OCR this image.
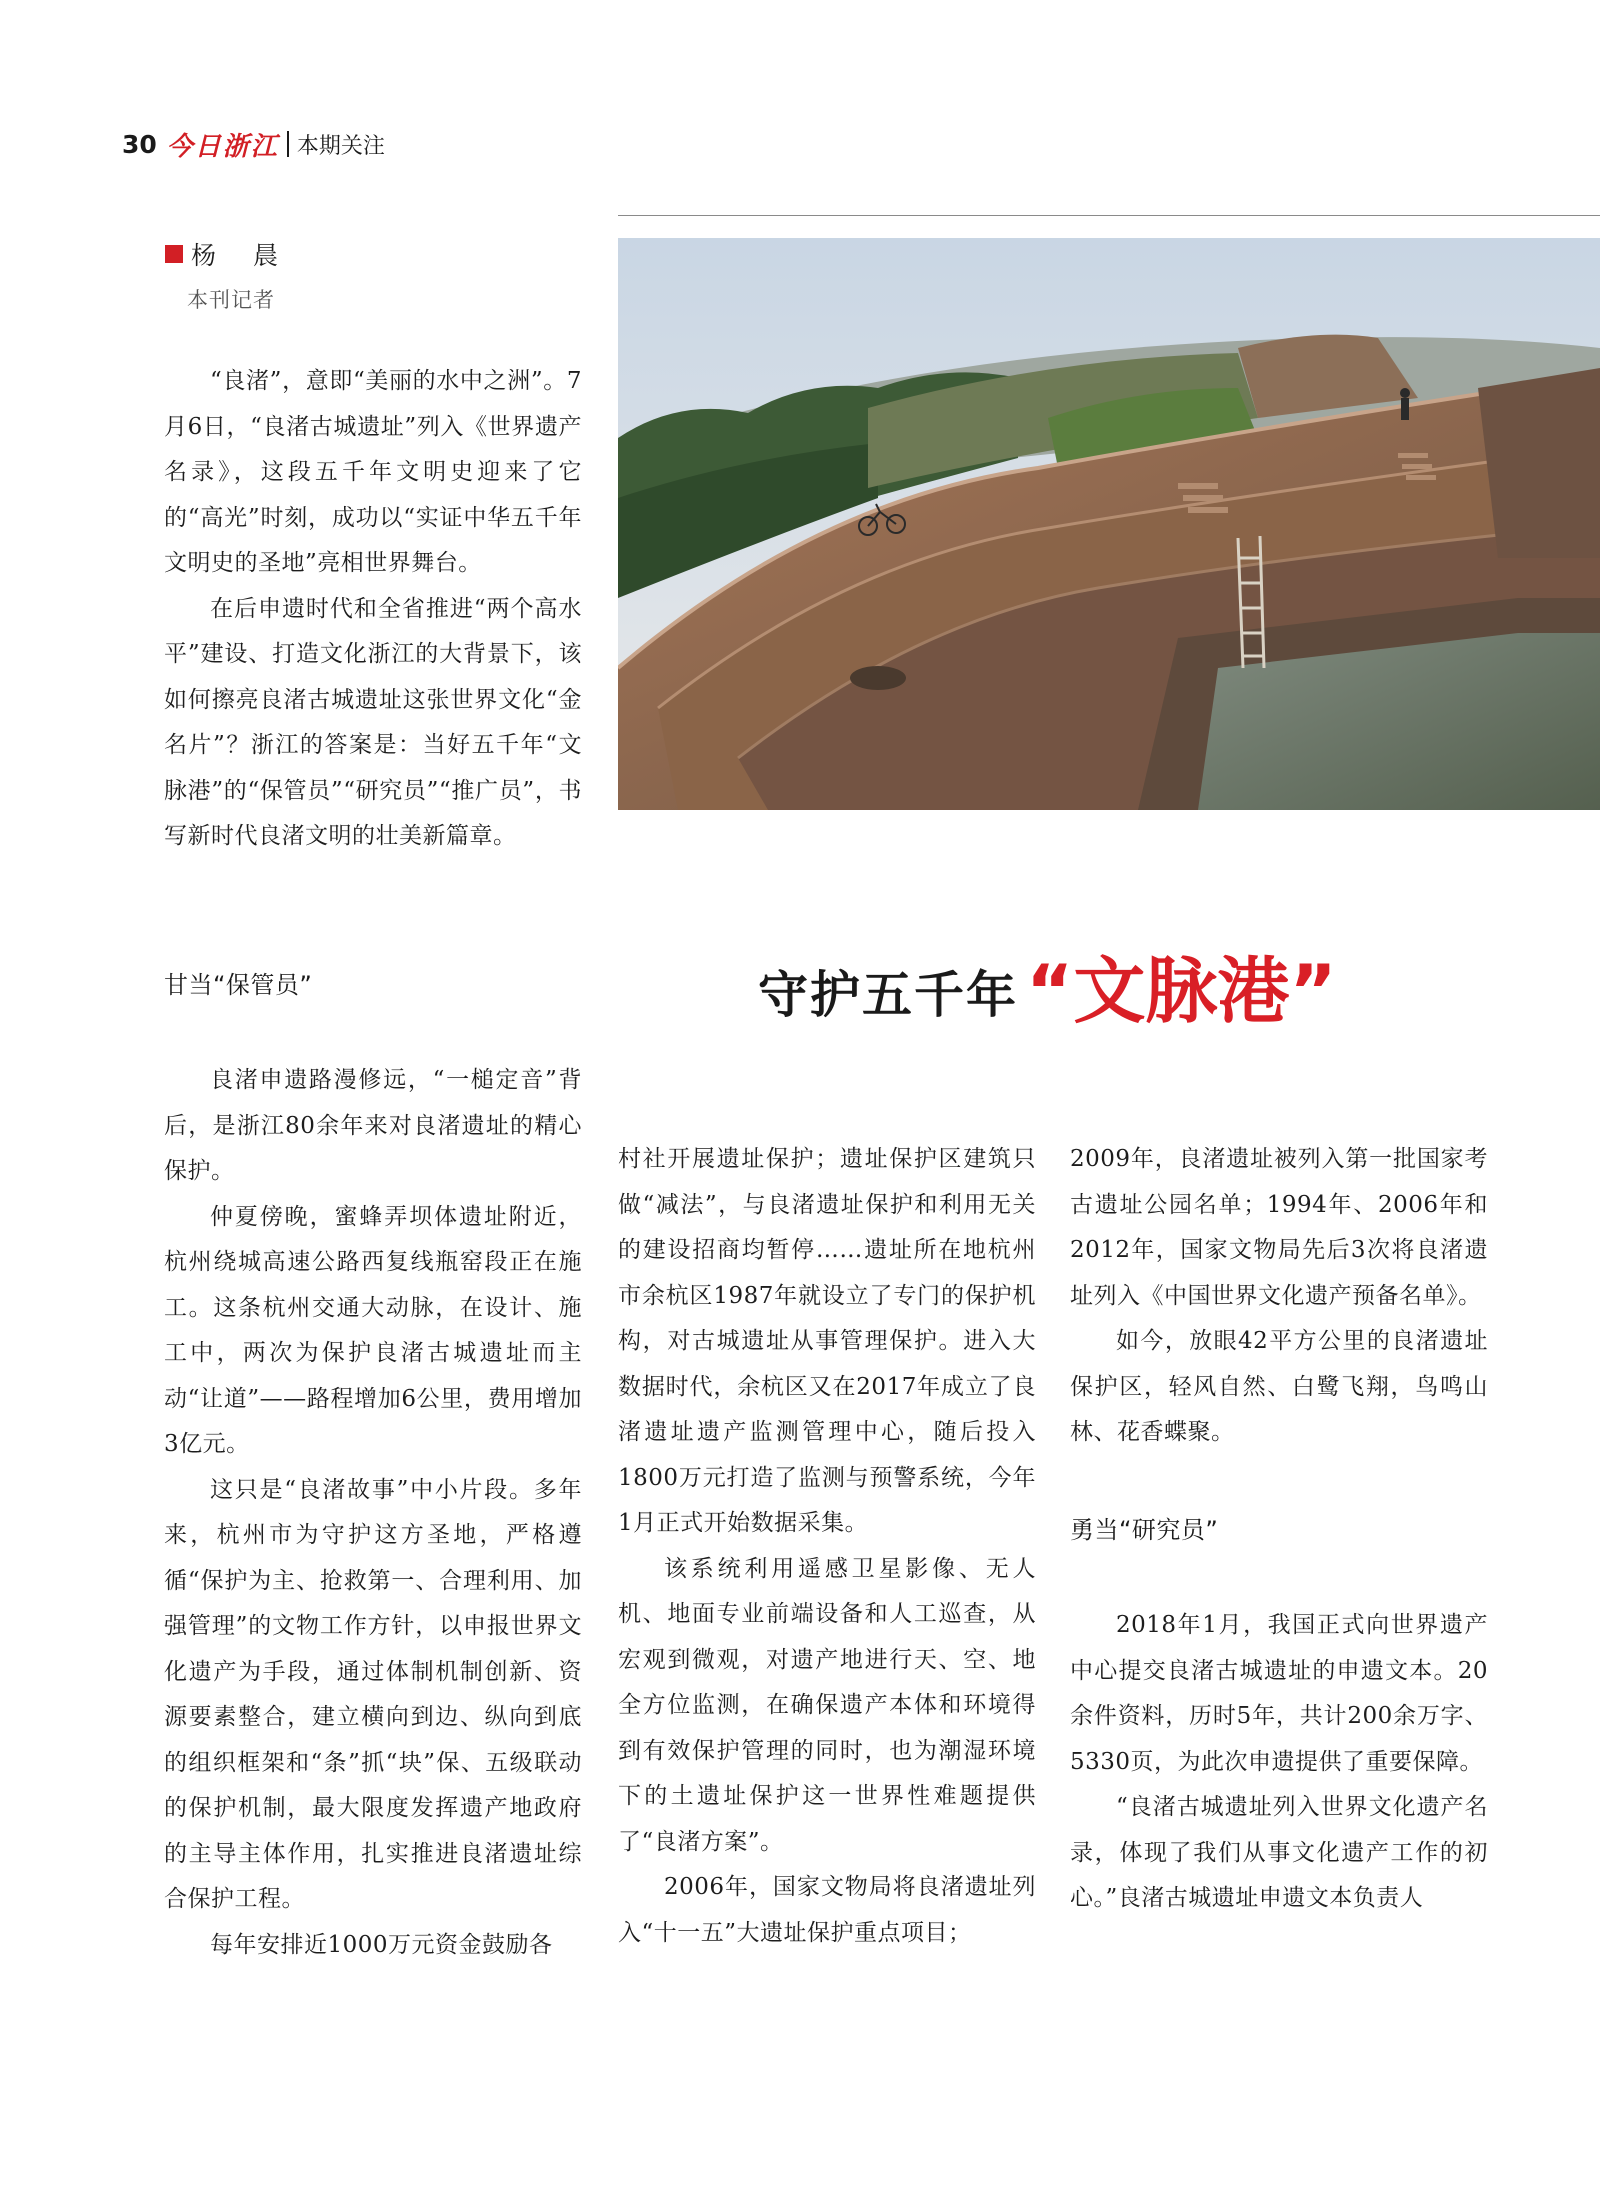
30 今日浙江 本期关注
杨　晨
本刊记者
守护五千年 “文脉港”

“良渚”，意即“美丽的水中之洲”。7月6日，“良渚古城遗址”列入《世界遗产名录》，这段五千年文明史迎来了它的“高光”时刻，成功以“实证中华五千年文明史的圣地”亮相世界舞台。

在后申遗时代和全省推进“两个高水平”建设、打造文化浙江的大背景下，该如何擦亮良渚古城遗址这张世界文化“金名片”？浙江的答案是：当好五千年“文脉港”的“保管员”“研究员”“推广员”，书写新时代良渚文明的壮美新篇章。

甘当“保管员”

良渚申遗路漫修远，“一槌定音”背后，是浙江80余年来对良渚遗址的精心保护。

仲夏傍晚，蜜蜂弄坝体遗址附近，杭州绕城高速公路西复线瓶窑段正在施工。这条杭州交通大动脉，在设计、施工中，两次为保护良渚古城遗址而主动“让道”——路程增加6公里，费用增加3亿元。

这只是“良渚故事”中小片段。多年来，杭州市为守护这方圣地，严格遵循“保护为主、抢救第一、合理利用、加强管理”的文物工作方针，以申报世界文化遗产为手段，通过体制机制创新、资源要素整合，建立横向到边、纵向到底的组织框架和“条”抓“块”保、五级联动的保护机制，最大限度发挥遗产地政府的主导主体作用，扎实推进良渚遗址综合保护工程。

每年安排近1000万元资金鼓励各

村社开展遗址保护；遗址保护区建筑只做“减法”，与良渚遗址保护和利用无关的建设招商均暂停……遗址所在地杭州市余杭区1987年就设立了专门的保护机构，对古城遗址从事管理保护。进入大数据时代，余杭区又在2017年成立了良渚遗址遗产监测管理中心，随后投入1800万元打造了监测与预警系统，今年1月正式开始数据采集。

该系统利用遥感卫星影像、无人机、地面专业前端设备和人工巡查，从宏观到微观，对遗产地进行天、空、地全方位监测，在确保遗产本体和环境得到有效保护管理的同时，也为潮湿环境下的土遗址保护这一世界性难题提供了“良渚方案”。

2006年，国家文物局将良渚遗址列入“十一五”大遗址保护重点项目；

2009年，良渚遗址被列入第一批国家考古遗址公园名单；1994年、2006年和2012年，国家文物局先后3次将良渚遗址列入《中国世界文化遗产预备名单》。

如今，放眼42平方公里的良渚遗址保护区，轻风自然、白鹭飞翔，鸟鸣山林、花香蝶聚。

勇当“研究员”

2018年1月，我国正式向世界遗产中心提交良渚古城遗址的申遗文本。20余件资料，历时5年，共计200余万字、5330页，为此次申遗提供了重要保障。

“良渚古城遗址列入世界文化遗产名录，体现了我们从事文化遗产工作的初心。”良渚古城遗址申遗文本负责人
